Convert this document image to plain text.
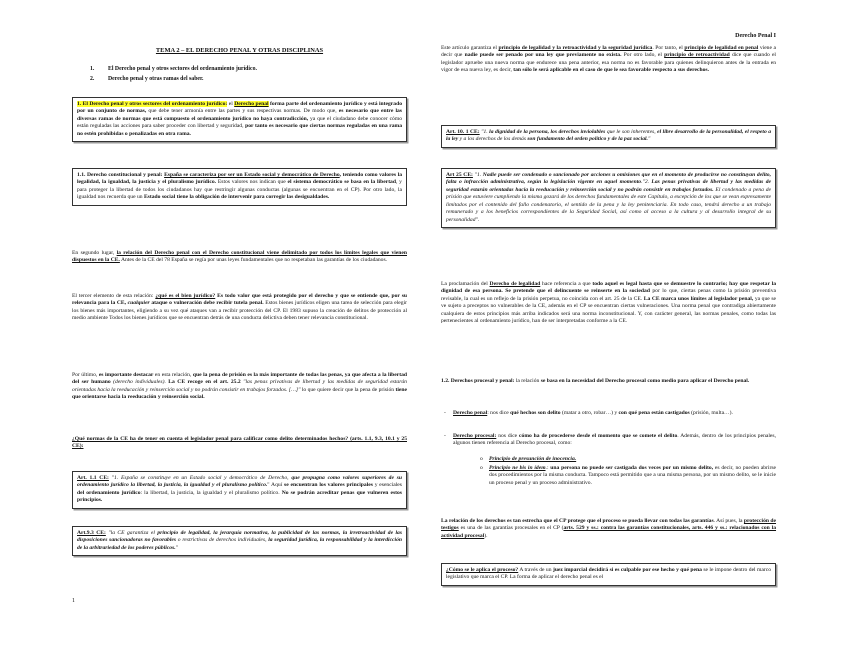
Derecho Penal I
TEMA 2 – EL DERECHO PENAL Y OTRAS DISCIPLINAS
1. El Derecho penal y otros sectores del ordenamiento jurídico.
2. Derecho penal y otras ramas del saber.
1. El Derecho penal y otros sectores del ordenamiento jurídico: el Derecho penal forma parte del ordenamiento jurídico y está integrado por un conjunto de normas, que debe tener armonía entre las partes y sus respectivas normas. De modo que, es necesario que entre las diversas ramas de normas que está compuesto el ordenamiento jurídico no haya contradicción, ya que el ciudadano debe conocer cómo están reguladas las acciones para saber proceder con libertad y seguridad, por tanto es necesario que ciertas normas reguladas en una rama no estén prohibidas o penalizadas en otra rama.
1.1. Derecho constitucional y penal: España se caracteriza por ser un Estado social y democrático de Derecho, teniendo como valores la legalidad, la igualdad, la justicia y el pluralismo jurídico. Estos valores nos indican que el sistema democrático se basa en la libertad, y para proteger la libertad de todos los ciudadanos hay que restringir algunas conductas (algunas se encuentran en el CP). Por otro lado, la igualdad nos recuerda que un Estado social tiene la obligación de intervenir para corregir las desigualdades.

En segundo lugar, la relación del Derecho penal con el Derecho constitucional viene delimitado por todos los límites legales que vienen dispuestos en la CE. Antes de la CE del 78 España se regía por unas leyes fundamentales que no respetaban las garantías de los ciudadanos.

El tercer elemento de esta relación: ¿qué es el bien jurídico? Es todo valor que está protegido por el derecho y que se entiende que, por su relevancia para la CE, cualquier ataque o vulneración debe recibir tutela penal. Estos bienes jurídicos eligen una tarea de selección para elegir los bienes más importantes, eligiendo a su vez qué ataques van a recibir protección del CP. El 1983 supuso la creación de delitos de protección al medio ambiente Todos los bienes jurídicos que se encuentran detrás de una conducta delictiva deben tener relevancia constitucional.

Por último, es importante destacar en esta relación, que la pena de prisión es la más importante de todas las penas, ya que afecta a la libertad del ser humano (derecho individuales). La CE recoge en el art. 25.2 "las penas privativas de libertad y las medidas de seguridad estarán orientadas hacia la reeducación y reinserción social y no podrán consistir en trabajos forzados. […]" lo que quiere decir que la pena de prisión tiene que orientarse hacia la reeducación y reinserción social.

¿Qué normas de la CE ha de tener en cuenta el legislador penal para calificar como delito determinados hechos? (arts. 1.1, 9.3, 10.1 y 25 CE):

Art. 1.1 CE: "1. España se constituye en un Estado social y democrático de Derecho, que propugna como valores superiores de su ordenamiento jurídico la libertad, la justicia, la igualdad y el pluralismo político." Aquí se encuentran los valores principales y esenciales del ordenamiento jurídico: la libertad, la justicia, la igualdad y el pluralismo político. No se podrán acreditar penas que vulneren estos principios.
Art.9.3 CE: "la CE garantiza el principio de legalidad, la jerarquía normativa, la publicidad de las normas, la irretroactividad de las disposiciones sancionadoras no favorables o restrictivas de derechos individuales, la seguridad jurídica, la responsabilidad y la interdicción de la arbitrariedad de los poderes públicos."
1

Este artículo garantiza el principio de legalidad y la retroactividad y la seguridad jurídica. Por tanto, el principio de legalidad en penal viene a decir que nadie puede ser penado por una ley que previamente no exista. Por otro lado, el principio de retroactividad dice que cuando el legislador apruebe una nueva norma que endurece una pena anterior, esa norma no es favorable para quienes delinquieron antes de la entrada en vigor de esa nueva ley, es decir, tan sólo le será aplicable en el caso de que le sea favorable respecto a sus derechos.

Art. 10. 1 CE: "1. la dignidad de la persona, los derechos inviolables que le son inherentes, el libre desarrollo de la personalidad, el respeto a la ley y a los derechos de los demás son fundamento del orden político y de la paz social."
Art 25 CE: "1. Nadie puede ser condenado o sancionado por acciones u omisiones que en el momento de producirse no constituyan delito, falta o infracción administrativa, según la legislación vigente en aquel momento."2. Las penas privativas de libertad y las medidas de seguridad estarán orientadas hacia la reeducación y reinserción social y no podrán consistir en trabajos forzados. El condenado a pena de prisión que estuviere cumpliendo la misma gozará de los derechos fundamentales de este Capítulo, a excepción de los que se vean expresamente limitados por el contenido del fallo condenatorio, el sentido de la pena y la ley penitenciaria. En todo caso, tendrá derecho a un trabajo remunerado y a los beneficios correspondientes de la Seguridad Social, así como al acceso a la cultura y al desarrollo integral de su personalidad".

La proclamación del Derecho de legalidad hace referencia a que todo aquel es legal hasta que se demuestre lo contrario; hay que respetar la dignidad de esa persona. Se pretende que el delincuente se reinserte en la sociedad por lo que, ciertas penas como la prisión preventiva revisable, la cual es un reflejo de la prisión perpetua, no coincida con el art. 25 de la CE. La CE marca unos límites al legislador penal, ya que se ve sujeto a preceptos no vulnerables de la CE, además en el CP se encuentran ciertas vulneraciones. Una norma penal que contradiga abiertamente cualquiera de estos principios más arriba indicados será una norma inconstitucional. Y, con carácter general, las normas penales, como todas las pertenecientes al ordenamiento jurídico, han de ser interpretadas conforme a la CE.

1.2. Derechos procesal y penal: la relación se basa en la necesidad del Derecho procesal como medio para aplicar el Derecho penal.

- Derecho penal: nos dice qué hechos son delito (matar a otro, robar…) y con qué pena están castigados (prisión, multa…).
- Derecho procesal: nos dice cómo ha de procederse desde el momento que se comete el delito. Además, dentro de los principios penales, algunos tienen referencia al Derecho procesal, como:
o Principio de presunción de inocencia.
o Principio ne bis in ídem.: una persona no puede ser castigada dos veces por un mismo delito, es decir, no pueden abrirse dos procedimientos por la misma conducta. Tampoco está permitido que a una misma persona, por un mismo delito, se le inicie un proceso penal y un proceso administrativo.

La relación de los derechos es tan estrecha que el CP protege que el proceso se pueda llevar con todas las garantías. Así pues, la protección de testigos es una de las garantías procesales en el CP (arts. 529 y ss.: contra las garantías constitucionales, arts. 446 y ss.: relacionados con la actividad procesal).

¿Cómo se le aplica el proceso? A través de un juez imparcial decidirá si es culpable por ese hecho y qué pena se le impone dentro del marco legislativo que marca el CP. La forma de aplicar el derecho penal es el
